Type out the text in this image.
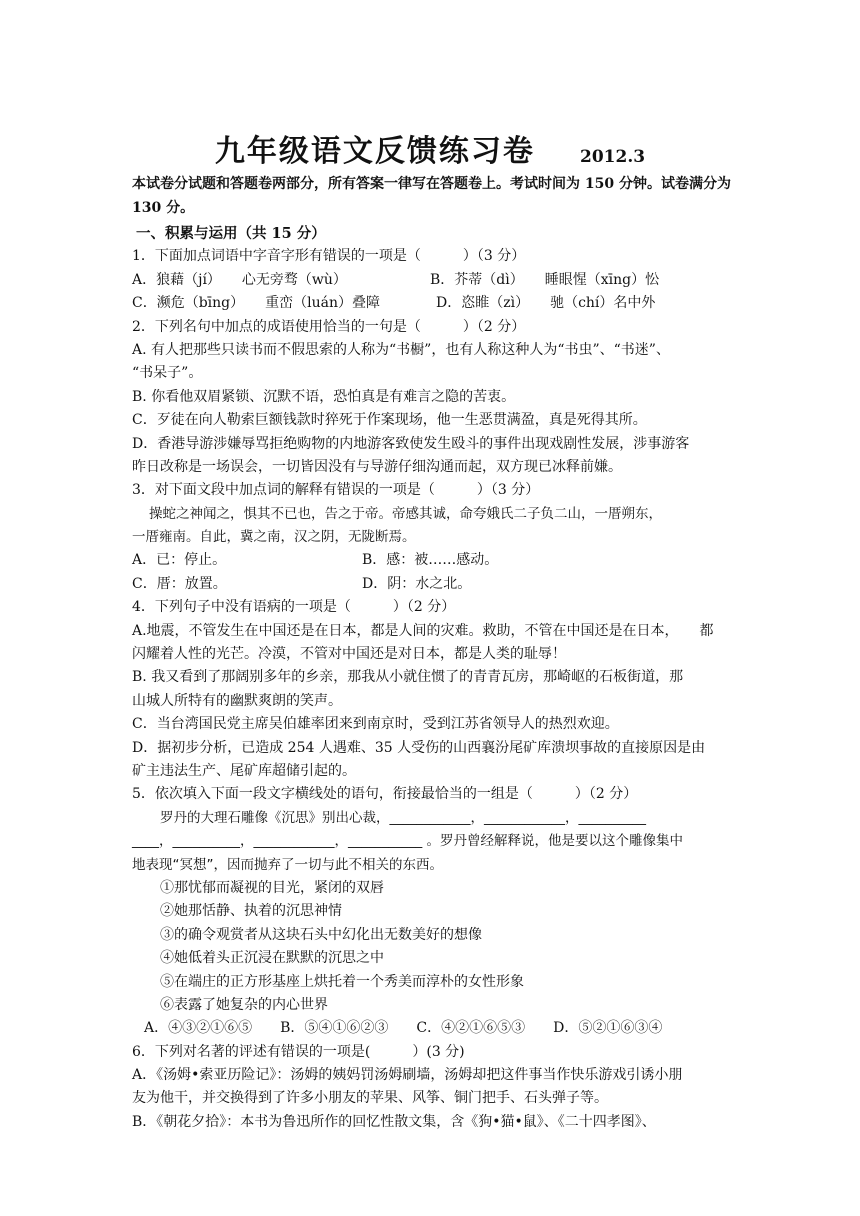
九年级语文反馈练习卷	2012.3
本试卷分试题和答题卷两部分，所有答案一律写在答题卷上。考试时间为 150 分钟。试卷满分为 130 分。
一、积累与运用（共 15 分）
1．下面加点词语中字音字形有错误的一项是（　　　）（3 分）
A．狼藉（jí）　　心无旁骛（wù）	B．芥蒂（dì）　　睡眼惺（xīng）忪
C．濒危（bīng）　　重峦（luán）叠障	D．恣睢（zì）　　驰（chí）名中外
2．下列名句中加点的成语使用恰当的一句是（　　　）（2 分）
A. 有人把那些只读书而不假思索的人称为“书橱”，也有人称这种人为“书虫”、“书迷”、
“书呆子”。
B. 你看他双眉紧锁、沉默不语，恐怕真是有难言之隐的苦衷。
C．歹徒在向人勒索巨额钱款时猝死于作案现场，他一生恶贯满盈，真是死得其所。
D．香港导游涉嫌辱骂拒绝购物的内地游客致使发生殴斗的事件出现戏剧性发展，涉事游客
昨日改称是一场误会，一切皆因没有与导游仔细沟通而起，双方现已冰释前嫌。
3．对下面文段中加点词的解释有错误的一项是（　　　）（3 分）
操蛇之神闻之，惧其不已也，告之于帝。帝感其诚，命夸娥氏二子负二山，一厝朔东，
一厝雍南。自此，冀之南，汉之阴，无陇断焉。
A．已：停止。	B．感：被……感动。
C．厝：放置。	D．阴：水之北。
4．下列句子中没有语病的一项是（　　　）（2 分）
A.地震，不管发生在中国还是在日本，都是人间的灾难。救助，不管在中国还是在日本，　　都
闪耀着人性的光芒。冷漠，不管对中国还是对日本，都是人类的耻辱！
B. 我又看到了那阔别多年的乡亲，那我从小就住惯了的青青瓦房，那崎岖的石板街道，那
山城人所特有的幽默爽朗的笑声。
C．当台湾国民党主席吴伯雄率团来到南京时，受到江苏省领导人的热烈欢迎。
D．据初步分析，已造成 254 人遇难、35 人受伤的山西襄汾尾矿库溃坝事故的直接原因是由
矿主违法生产、尾矿库超储引起的。
5．依次填入下面一段文字横线处的语句，衔接最恰当的一组是（　　　）（2 分）
罗丹的大理石雕像《沉思》别出心裁，____________，____________，__________
____，__________，____________，___________ 。罗丹曾经解释说，他是要以这个雕像集中
地表现“冥想”，因而抛弃了一切与此不相关的东西。
①那忧郁而凝视的目光，紧闭的双唇
②她那恬静、执着的沉思神情
③的确令观赏者从这块石头中幻化出无数美好的想像
④她低着头正沉浸在默默的沉思之中
⑤在端庄的正方形基座上烘托着一个秀美而淳朴的女性形象
⑥表露了她复杂的内心世界
A．④③②①⑥⑤　　B．⑤④①⑥②③　　C．④②①⑥⑤③　　D．⑤②①⑥③④
6．下列对名著的评述有错误的一项是(　　　）(3 分)
A．《汤姆•索亚历险记》：汤姆的姨妈罚汤姆刷墙，汤姆却把这件事当作快乐游戏引诱小朋
友为他干，并交换得到了许多小朋友的苹果、风筝、铜门把手、石头弹子等。
B．《朝花夕拾》：本书为鲁迅所作的回忆性散文集，含《狗•猫•鼠》、《二十四孝图》、
